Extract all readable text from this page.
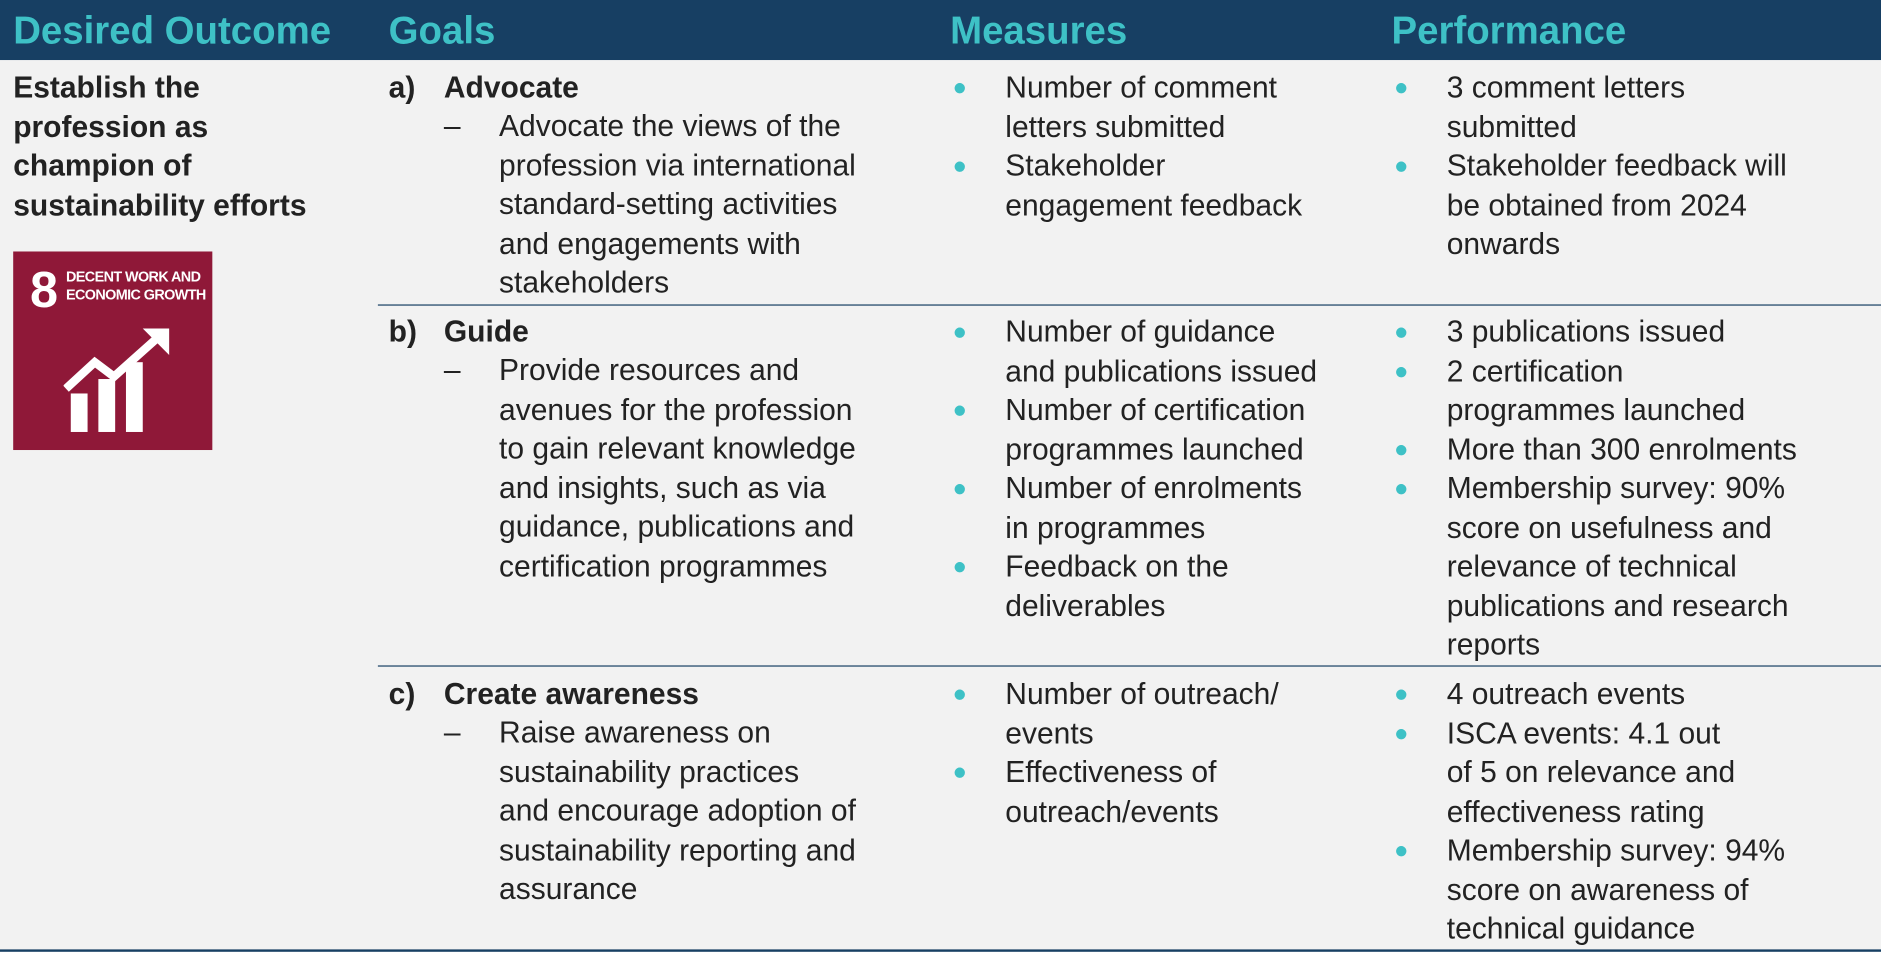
Desired Outcome Goals	Measures	Performance
Establish the
profession as
champion of
sustainability efforts
8 DECENT WORK AND
ECONOMIC GROWTH
a) Advocate
– Advocate the views of the
profession via international
standard-setting activities
and engagements with
stakeholders
● Number of comment
letters submitted
● Stakeholder
engagement feedback
● 3 comment letters
submitted
● Stakeholder feedback will
be obtained from 2024
onwards
b) Guide
– Provide resources and
avenues for the profession
to gain relevant knowledge
and insights, such as via
guidance, publications and
certification programmes
● Number of guidance
and publications issued
● Number of certification
programmes launched
● Number of enrolments
in programmes
● Feedback on the
deliverables
● 3 publications issued
● 2 certification
programmes launched
● More than 300 enrolments
● Membership survey: 90%
score on usefulness and
relevance of technical
publications and research
reports
c) Create awareness
– Raise awareness on
sustainability practices
and encourage adoption of
sustainability reporting and
assurance
● Number of outreach/
events
● Effectiveness of
outreach/events
● 4 outreach events
● ISCA events: 4.1 out
of 5 on relevance and
effectiveness rating
● Membership survey: 94%
score on awareness of
technical guidance
